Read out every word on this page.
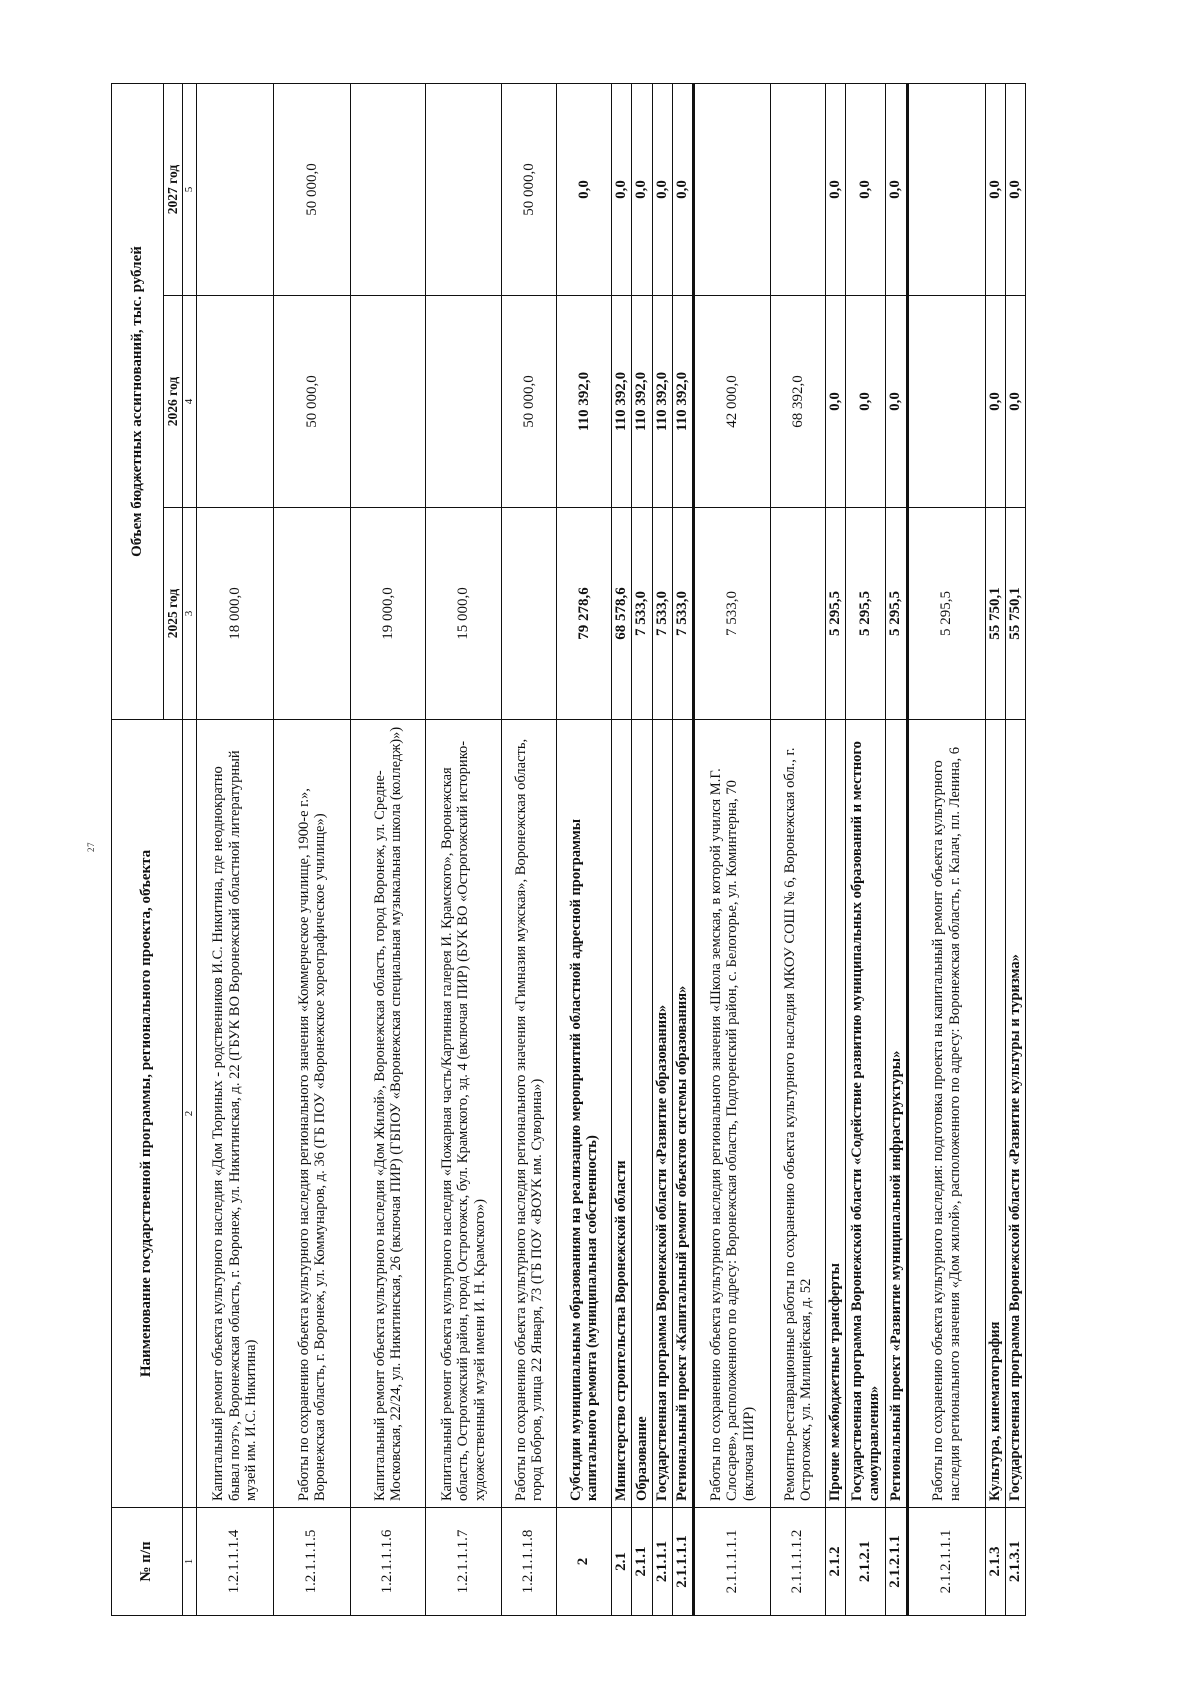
27
№ п/п	Наименование государственной программы, регионального проекта, объекта	Объем бюджетных ассигнований, тыс. рублей		
		2025 год	2026 год	2027 год
1	2	3	4	5
1.2.1.1.1.4	Капитальный ремонт объекта культурного наследия «Дом Тюриных - родственников И.С. Никитина, где неоднократно бывал поэт», Воронежская область, г. Воронеж, ул. Никитинская, д. 22 (ГБУК ВО Воронежский областной литературный музей им. И.С. Никитина)	18 000,0		
1.2.1.1.1.5	Работы по сохранению объекта культурного наследия регионального значения «Коммерческое училище, 1900-е г.», Воронежская область, г. Воронеж, ул. Коммунаров, д. 36 (ГБ ПОУ «Воронежское хореографическое училище»)		50 000,0	50 000,0
1.2.1.1.1.6	Капитальный ремонт объекта культурного наследия «Дом Жилой», Воронежская область, город Воронеж, ул. Средне-Московская, 22/24, ул. Никитинская, 26 (включая ПИР) (ГБПОУ «Воронежская специальная музыкальная школа (колледж)»)	19 000,0		
1.2.1.1.1.7	Капитальный ремонт объекта культурного наследия «Пожарная часть/Картинная галерея И. Крамского», Воронежская область, Острогожский район, город Острогожск, бул. Крамского, зд. 4 (включая ПИР) (БУК ВО «Острогожский историко-художественный музей имени И. Н. Крамского»)	15 000,0		
1.2.1.1.1.8	Работы по сохранению объекта культурного наследия регионального значения «Гимназия мужская», Воронежская область, город Бобров, улица 22 Января, 73 (ГБ ПОУ «ВОУК им. Суворина»)		50 000,0	50 000,0
2	Субсидии муниципальным образованиям на реализацию мероприятий областной адресной программы капитального ремонта (муниципальная собственность)	79 278,6	110 392,0	0,0
2.1	Министерство строительства Воронежской области	68 578,6	110 392,0	0,0
2.1.1	Образование	7 533,0	110 392,0	0,0
2.1.1.1	Государственная программа Воронежской области «Развитие образования»	7 533,0	110 392,0	0,0
2.1.1.1.1	Региональный проект «Капитальный ремонт объектов системы образования»	7 533,0	110 392,0	0,0
2.1.1.1.1.1	Работы по сохранению объекта культурного наследия регионального значения «Школа земская, в которой учился М.Г. Слосарев», расположенного по адресу: Воронежская область, Подгоренский район, с. Белогорье, ул. Коминтерна, 70 (включая ПИР)	7 533,0	42 000,0	
2.1.1.1.1.2	Ремонтно-реставрационные работы по сохранению объекта культурного наследия МКОУ СОШ № 6, Воронежская обл., г. Острогожск, ул. Милицейская, д. 52		68 392,0	
2.1.2	Прочие межбюджетные трансферты	5 295,5	0,0	0,0
2.1.2.1	Государственная программа Воронежской области «Содействие развитию муниципальных образований и местного самоуправления»	5 295,5	0,0	0,0
2.1.2.1.1	Региональный проект «Развитие муниципальной инфраструктуры»	5 295,5	0,0	0,0
2.1.2.1.1.1	Работы по сохранению объекта культурного наследия: подготовка проекта на капитальный ремонт объекта культурного наследия регионального значения «Дом жилой», расположенного по адресу: Воронежская область, г. Калач, пл. Ленина, 6	5 295,5		
2.1.3	Культура, кинематография	55 750,1	0,0	0,0
2.1.3.1	Государственная программа Воронежской области «Развитие культуры и туризма»	55 750,1	0,0	0,0
